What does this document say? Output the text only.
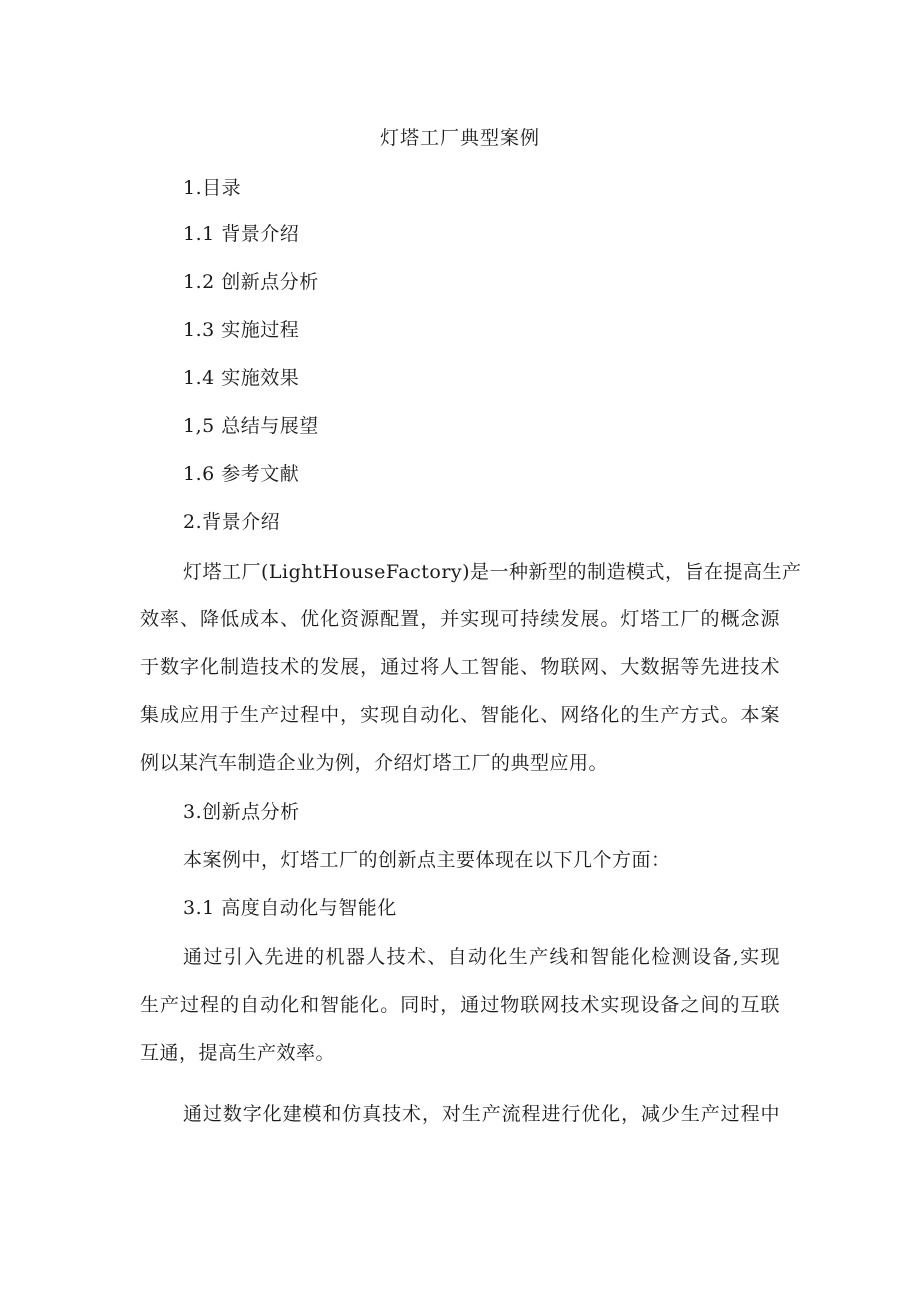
灯塔工厂典型案例
1.目录
1.1 背景介绍
1.2 创新点分析
1.3 实施过程
1.4 实施效果
1,5 总结与展望
1.6 参考文献
2.背景介绍
灯塔工厂(LightHouseFactory)是一种新型的制造模式，旨在提高生产
效率、降低成本、优化资源配置，并实现可持续发展。灯塔工厂的概念源
于数字化制造技术的发展，通过将人工智能、物联网、大数据等先进技术
集成应用于生产过程中，实现自动化、智能化、网络化的生产方式。本案
例以某汽车制造企业为例，介绍灯塔工厂的典型应用。
3.创新点分析
本案例中，灯塔工厂的创新点主要体现在以下几个方面：
3.1 高度自动化与智能化
通过引入先进的机器人技术、自动化生产线和智能化检测设备,实现
生产过程的自动化和智能化。同时，通过物联网技术实现设备之间的互联
互通，提高生产效率。
通过数字化建模和仿真技术，对生产流程进行优化，减少生产过程中
